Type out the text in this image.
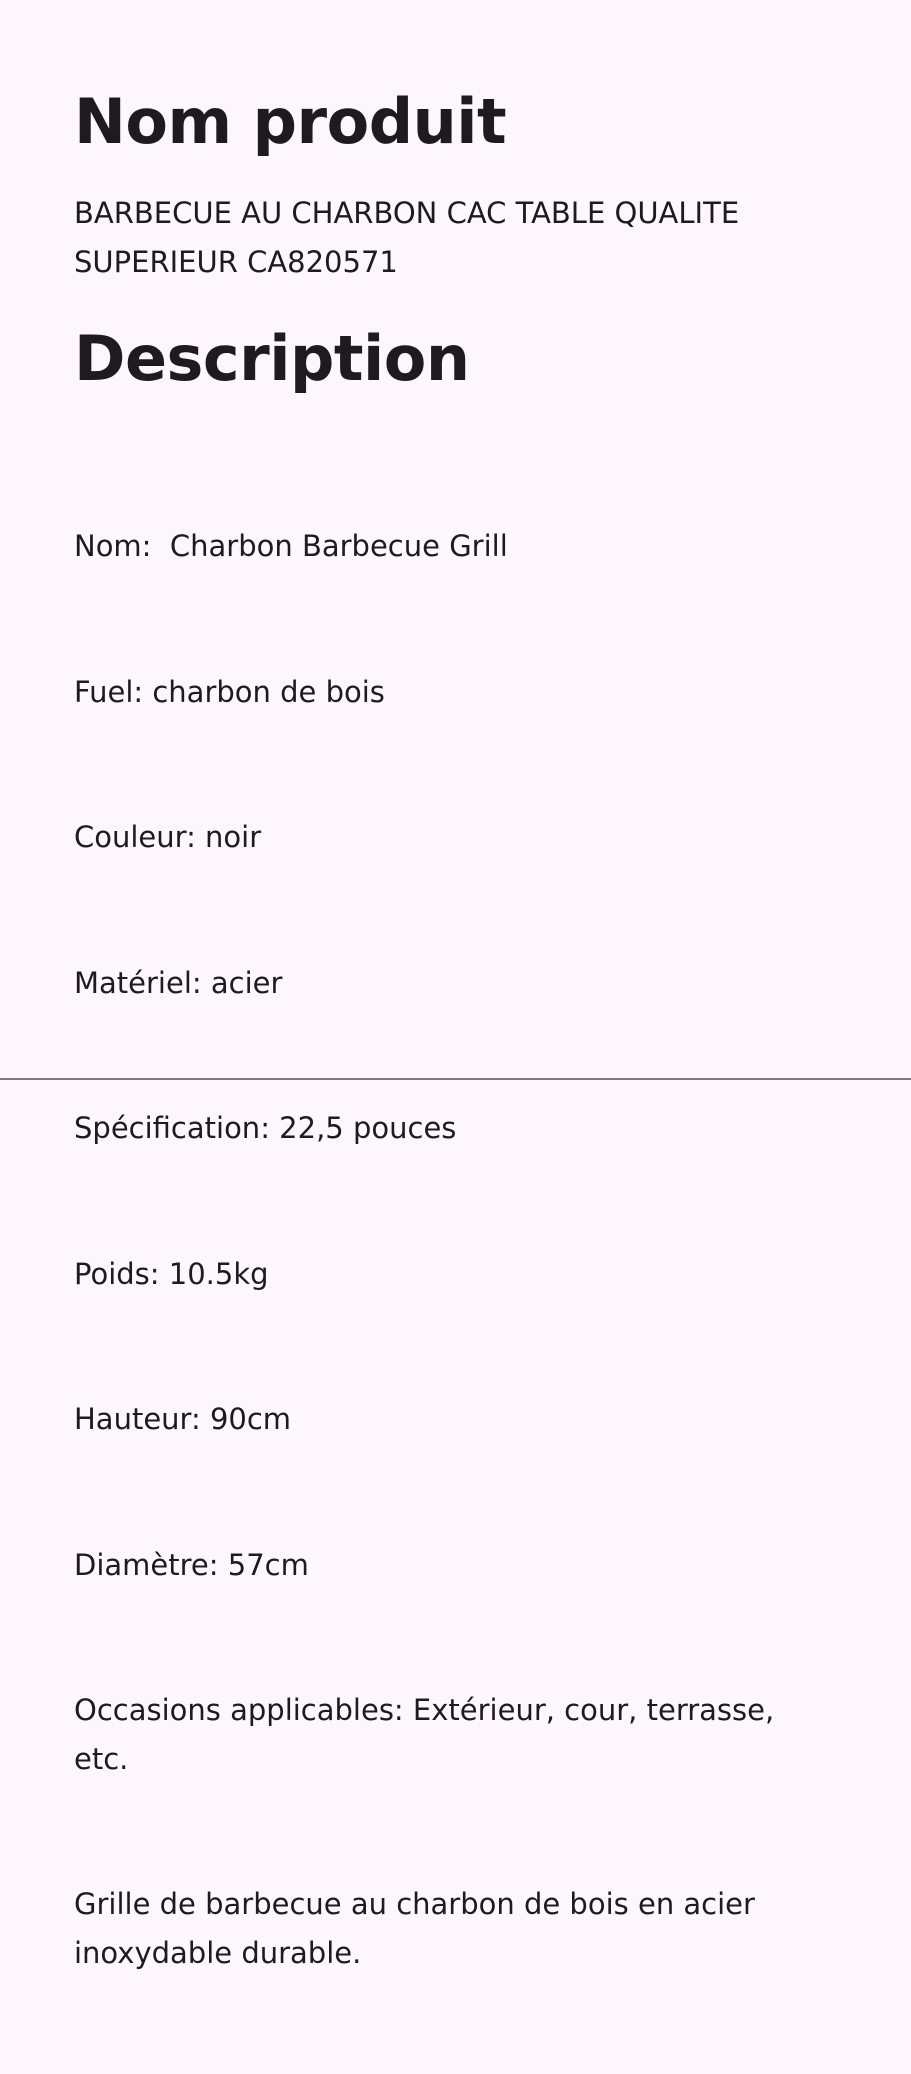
Nom produit
BARBECUE AU CHARBON CAC TABLE QUALITE SUPERIEUR CA820571
Description

Nom:  Charbon Barbecue Grill

Fuel: charbon de bois

Couleur: noir

Matériel: acier

Spécification: 22,5 pouces

Poids: 10.5kg

Hauteur: 90cm

Diamètre: 57cm

Occasions applicables: Extérieur, cour, terrasse, etc.

Grille de barbecue au charbon de bois en acier inoxydable durable.
